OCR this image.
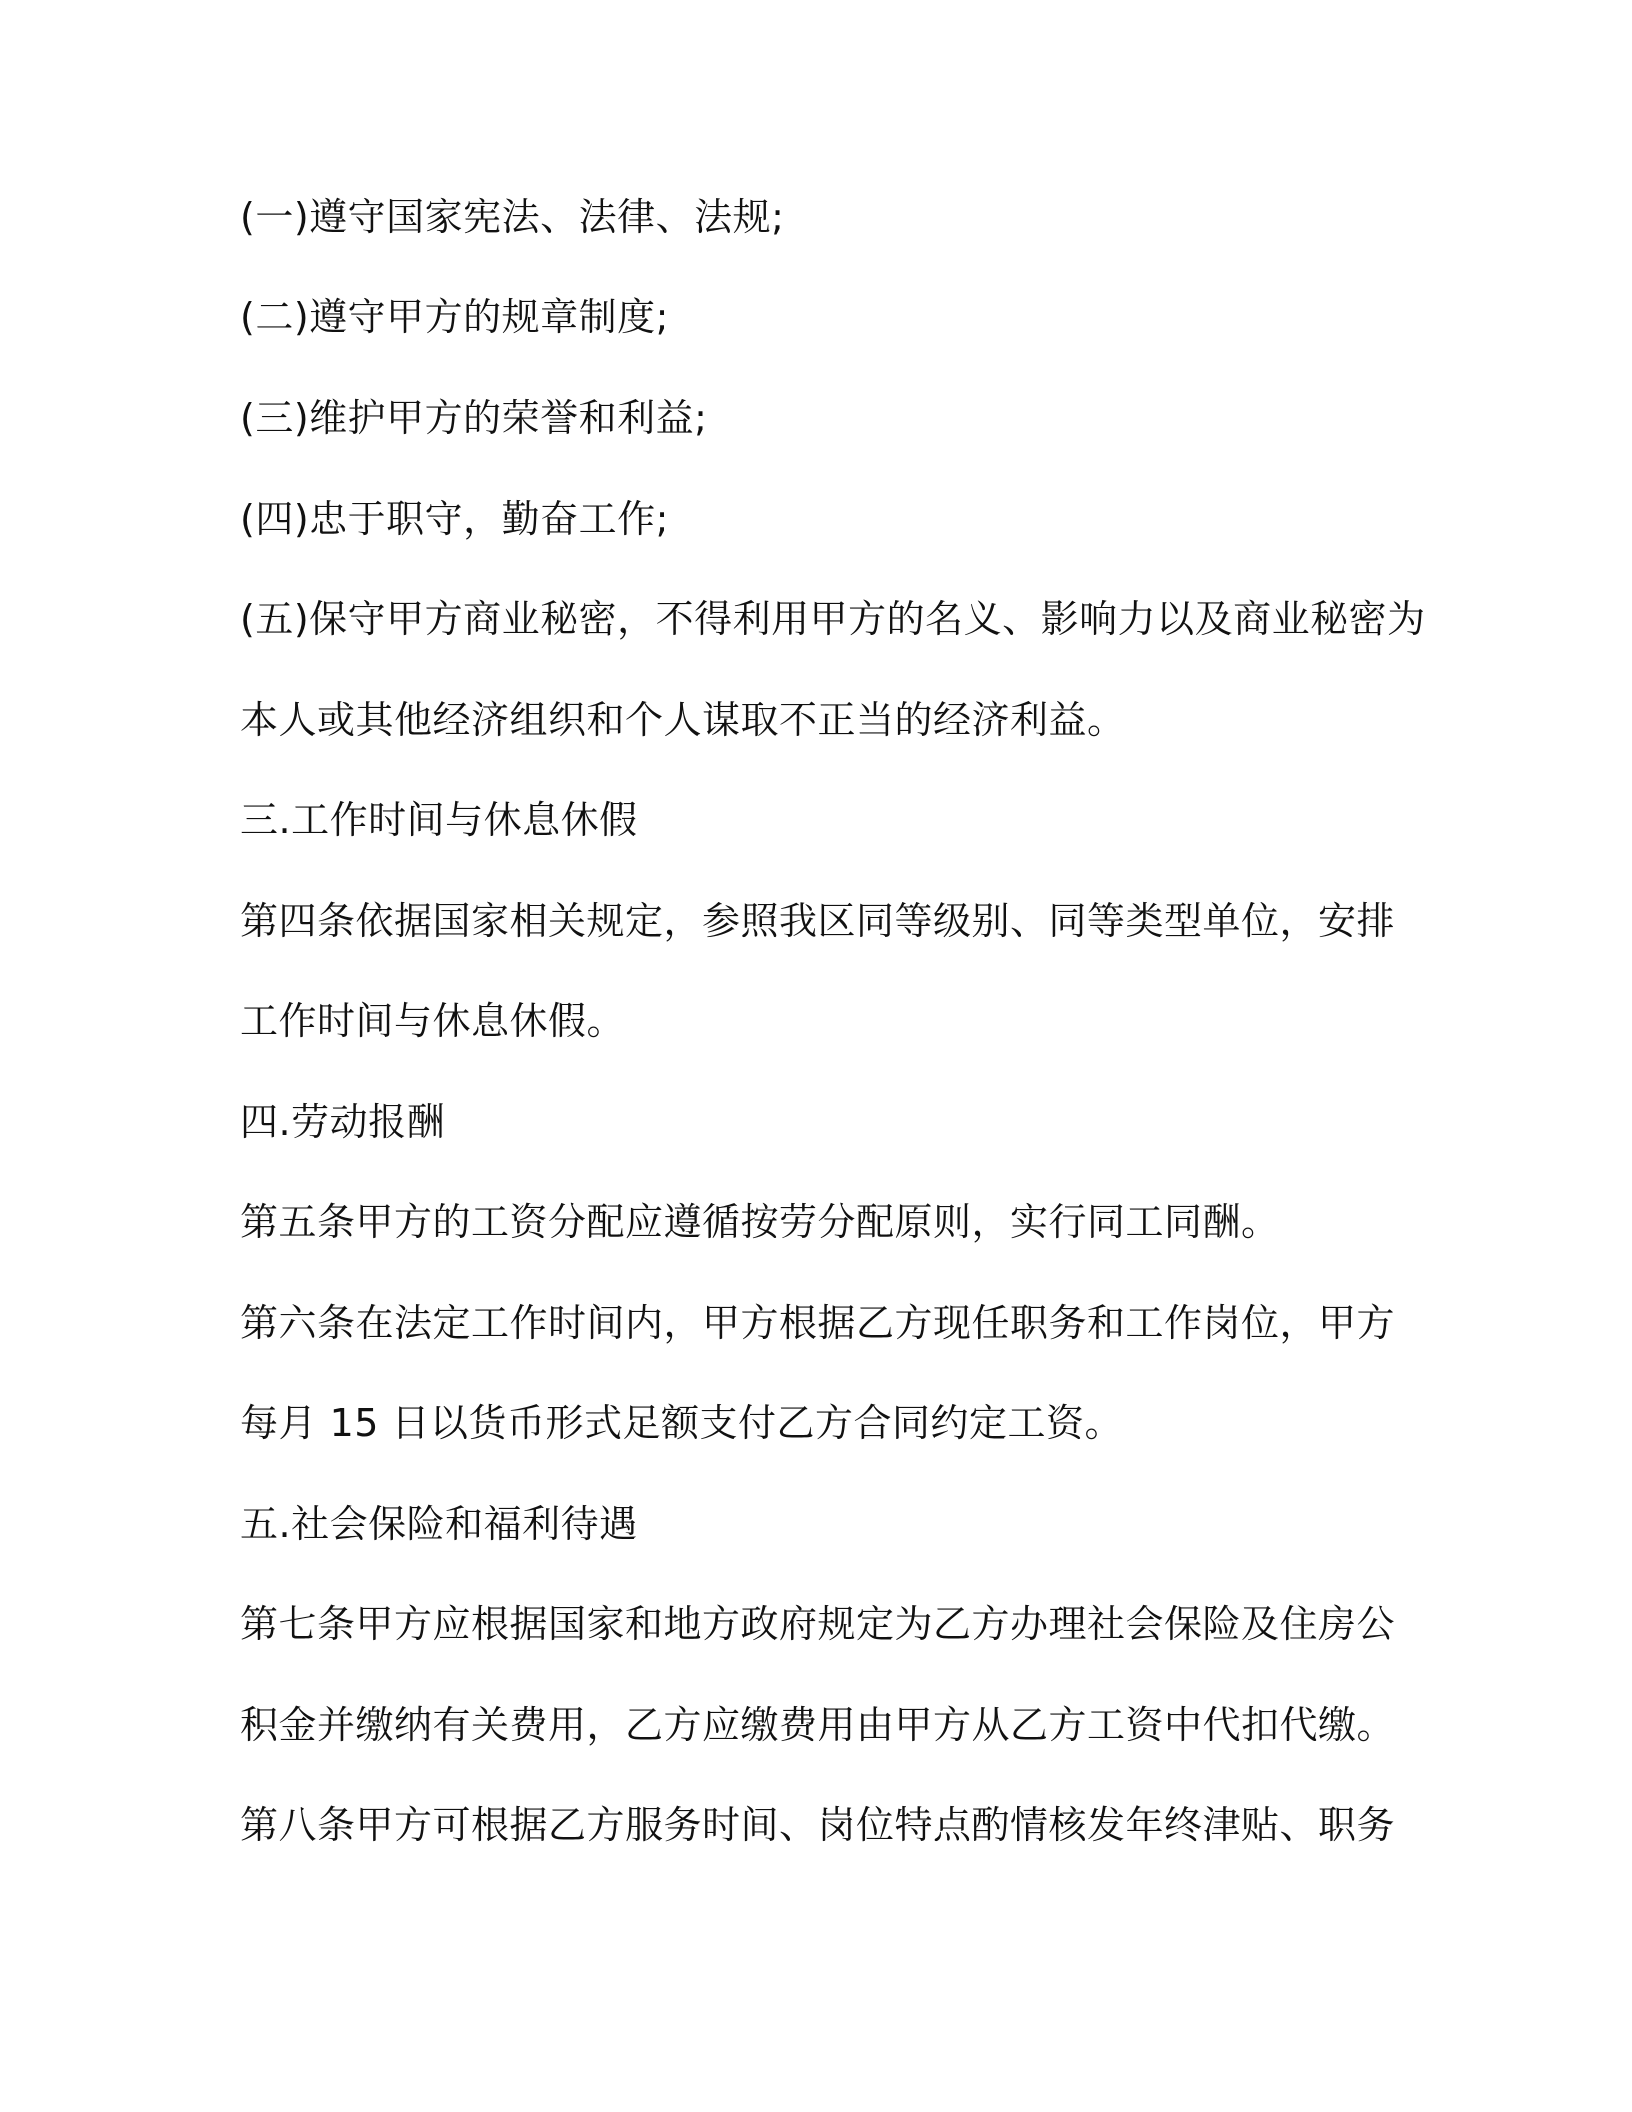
(一)遵守国家宪法、法律、法规;

(二)遵守甲方的规章制度;

(三)维护甲方的荣誉和利益;

(四)忠于职守，勤奋工作;

(五)保守甲方商业秘密，不得利用甲方的名义、影响力以及商业秘密为

本人或其他经济组织和个人谋取不正当的经济利益。

三.工作时间与休息休假

第四条依据国家相关规定，参照我区同等级别、同等类型单位，安排

工作时间与休息休假。

四.劳动报酬

第五条甲方的工资分配应遵循按劳分配原则，实行同工同酬。

第六条在法定工作时间内，甲方根据乙方现任职务和工作岗位，甲方

每月 15 日以货币形式足额支付乙方合同约定工资。

五.社会保险和福利待遇

第七条甲方应根据国家和地方政府规定为乙方办理社会保险及住房公

积金并缴纳有关费用，乙方应缴费用由甲方从乙方工资中代扣代缴。

第八条甲方可根据乙方服务时间、岗位特点酌情核发年终津贴、职务
